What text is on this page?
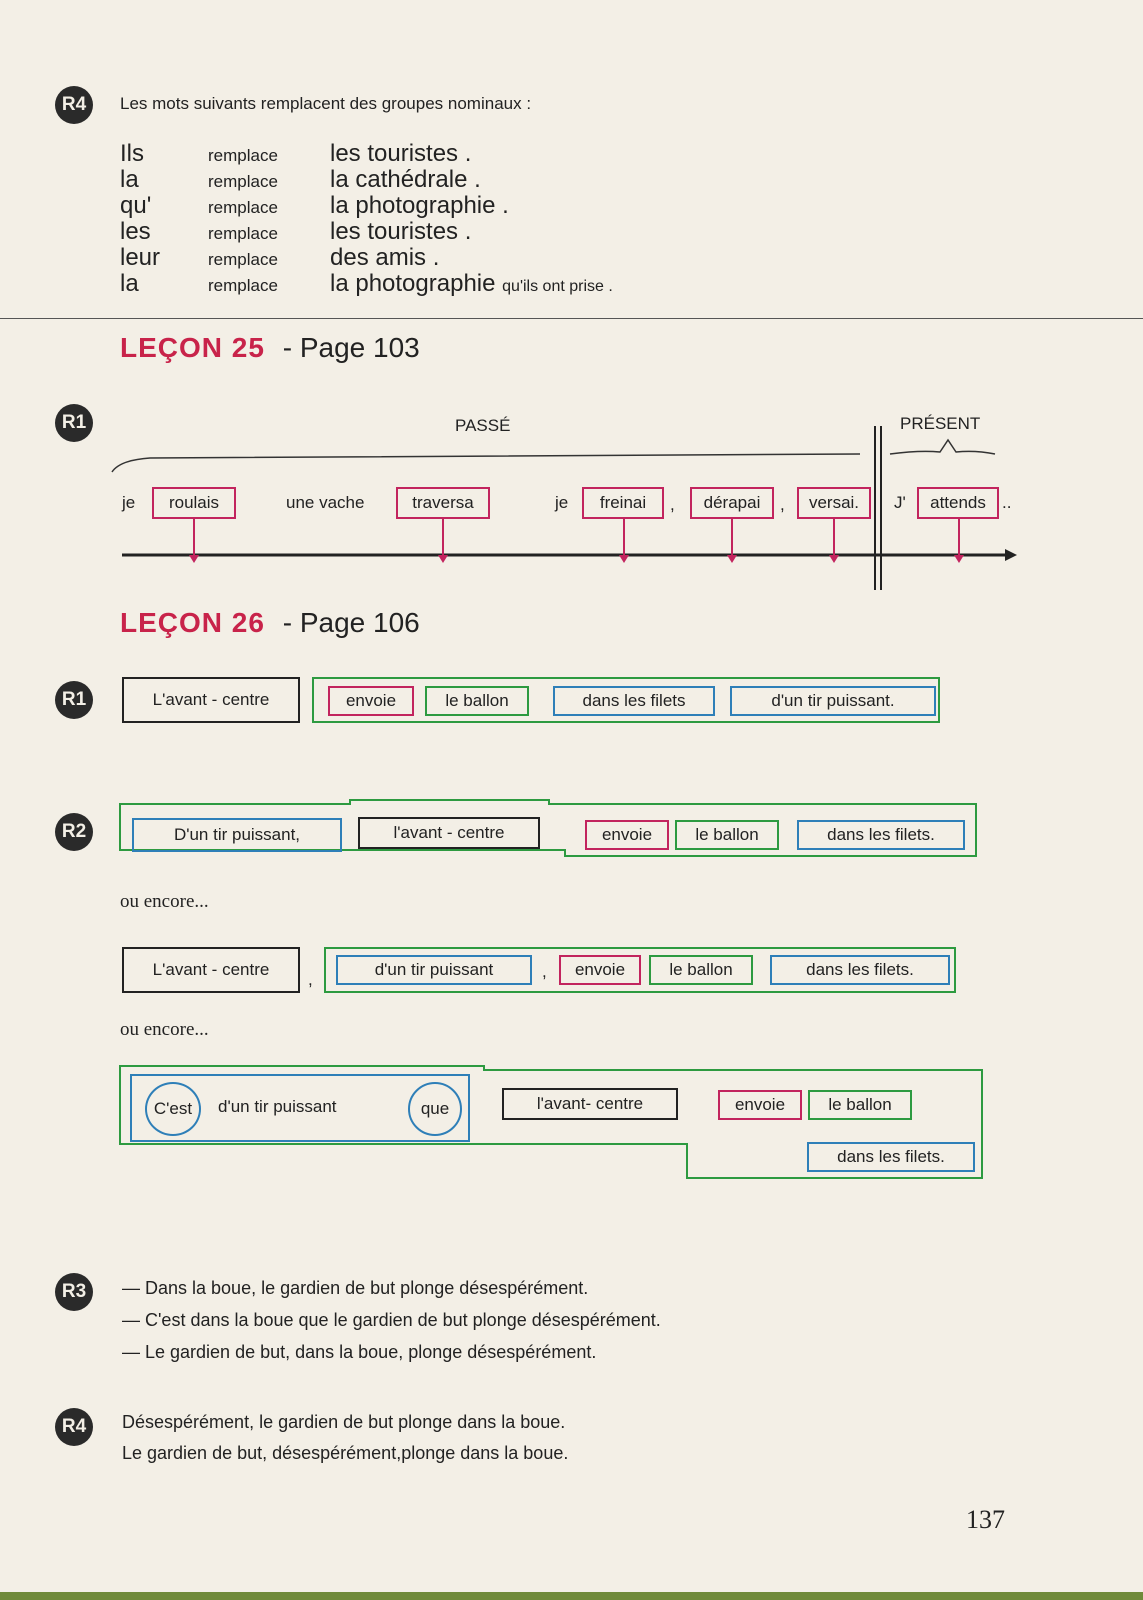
R4	Les mots suivants remplacent des groupes nominaux :
Ils	remplace les touristes .
la	remplace la cathédrale .
qu'	remplace la photographie .
les	remplace les touristes .
leur	remplace des amis .
la	remplace la photographie qu'ils ont prise .
LEÇON 25 - Page 103
R1	PASSÉ	PRÉSENT
je	roulais	une vache	traversa	je	freinai	,	dérapai	,	versai.	J'	attends ..
LEÇON 26 - Page 106
R1	L'avant - centre	envoie	le ballon	dans les filets	d'un tir puissant.
R2	D'un tir puissant,	l'avant - centre	envoie	le ballon	dans les filets.
ou encore...
L'avant - centre
,
d'un tir puissant	,	envoie	le ballon	dans les filets.
ou encore...
C'est	d'un tir puissant	que	l'avant- centre	envoie	le ballon
dans les filets.
R3	— Dans la boue, le gardien de but plonge désespérément.
— C'est dans la boue que le gardien de but plonge désespérément.
— Le gardien de but, dans la boue, plonge désespérément.
R4	Désespérément, le gardien de but plonge dans la boue.
Le gardien de but, désespérément,plonge dans la boue.
137
